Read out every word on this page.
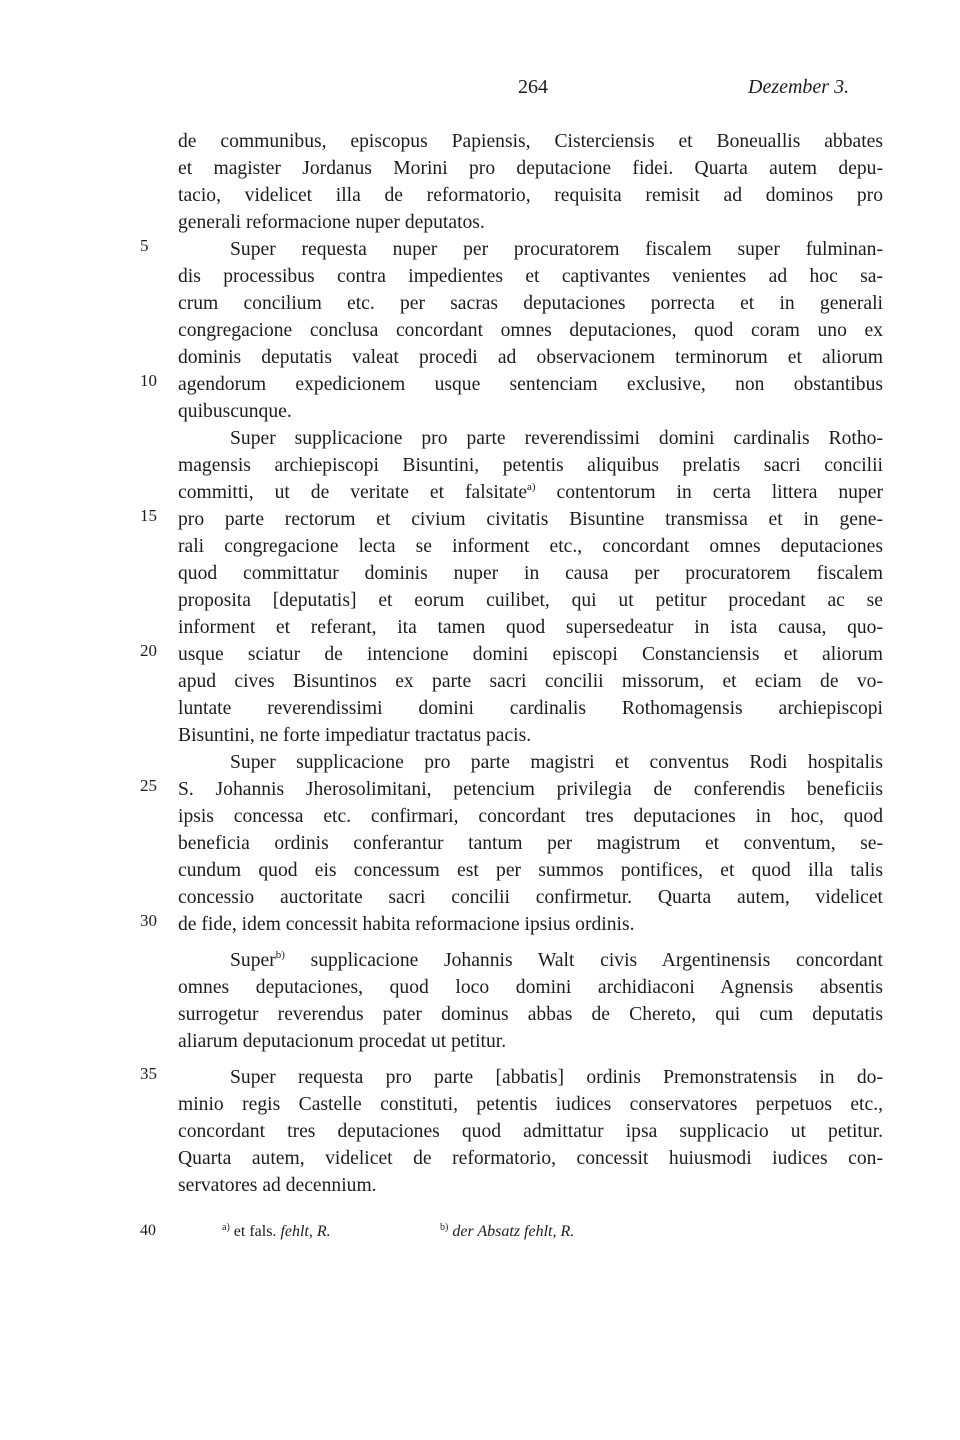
264	Dezember 3.
de communibus, episcopus Papiensis, Cisterciensis et Boneuallis abbates
et magister Jordanus Morini pro deputacione fidei. Quarta autem depu-
tacio, videlicet illa de reformatorio, requisita remisit ad dominos pro
generali reformacione nuper deputatos.
5	Super requesta nuper per procuratorem fiscalem super fulminan-
dis processibus contra impedientes et captivantes venientes ad hoc sa-
crum concilium etc. per sacras deputaciones porrecta et in generali
congregacione conclusa concordant omnes deputaciones, quod coram uno ex
dominis deputatis valeat procedi ad observacionem terminorum et aliorum
10	agendorum expedicionem usque sentenciam exclusive, non obstantibus
quibuscunque.
Super supplicacione pro parte reverendissimi domini cardinalis Rotho-
magensis archiepiscopi Bisuntini, petentis aliquibus prelatis sacri concilii
committi, ut de veritate et falsitate$^{a)}$ contentorum in certa littera nuper
15	pro parte rectorum et civium civitatis Bisuntine transmissa et in gene-
rali congregacione lecta se informent etc., concordant omnes deputaciones
quod committatur dominis nuper in causa per procuratorem fiscalem
proposita [deputatis] et eorum cuilibet, qui ut petitur procedant ac se
informent et referant, ita tamen quod supersedeatur in ista causa, quo-
20	usque sciatur de intencione domini episcopi Constanciensis et aliorum
apud cives Bisuntinos ex parte sacri concilii missorum, et eciam de vo-
luntate reverendissimi domini cardinalis Rothomagensis archiepiscopi
Bisuntini, ne forte impediatur tractatus pacis.
Super supplicacione pro parte magistri et conventus Rodi hospitalis
25	S. Johannis Jherosolimitani, petencium privilegia de conferendis beneficiis
ipsis concessa etc. confirmari, concordant tres deputaciones in hoc, quod
beneficia ordinis conferantur tantum per magistrum et conventum, se-
cundum quod eis concessum est per summos pontifices, et quod illa talis
concessio auctoritate sacri concilii confirmetur. Quarta autem, videlicet
30	de fide, idem concessit habita reformacione ipsius ordinis.
Super$^{b)}$ supplicacione Johannis Walt civis Argentinensis concordant
omnes deputaciones, quod loco domini archidiaconi Agnensis absentis
surrogetur reverendus pater dominus abbas de Chereto, qui cum deputatis
aliarum deputacionum procedat ut petitur.
35	Super requesta pro parte [abbatis] ordinis Premonstratensis in do-
minio regis Castelle constituti, petentis iudices conservatores perpetuos etc.,
concordant tres deputaciones quod admittatur ipsa supplicacio ut petitur.
Quarta autem, videlicet de reformatorio, concessit huiusmodi iudices con-
servatores ad decennium.
40	$^{a)}$ et fals. fehlt, R.	$^{b)}$ der Absatz fehlt, R.
